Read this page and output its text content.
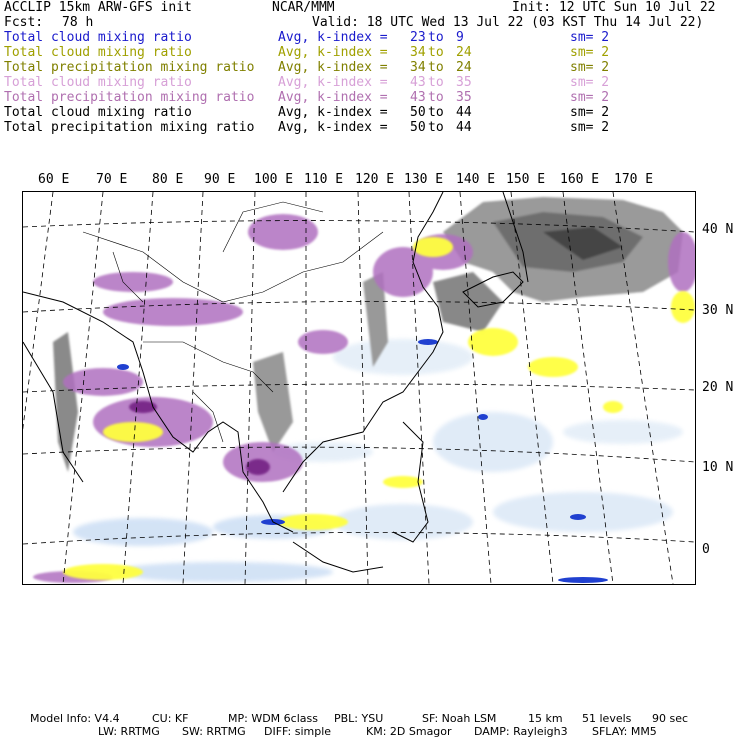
ACCLIP 15km ARW-GFS init	NCAR/MMM	Init: 12 UTC Sun 10 Jul 22
Fcst: 78 h	Valid: 18 UTC Wed 13 Jul 22 (03 KST Thu 14 Jul 22)
Total cloud mixing ratio	Avg, k-index = 23 to 9	sm= 2
Total cloud mixing ratio	Avg, k-index = 34 to 24	sm= 2
Total precipitation mixing ratio Avg, k-index = 34 to 24	sm= 2
Total cloud mixing ratio	Avg, k-index = 43 to 35	sm= 2
Total precipitation mixing ratio Avg, k-index = 43 to 35	sm= 2
Total cloud mixing ratio	Avg, k-index = 50 to 44	sm= 2
Total precipitation mixing ratio Avg, k-index = 50 to 44	sm= 2
60 E 70 E 80 E 90 E 100 E 110 E 120 E 130 E 140 E 150 E 160 E 170 E
40 N
30 N
20 N
10 N
0
Model Info: V4.4	CU: KF	MP: WDM 6class PBL: YSU	SF: Noah LSM	15 km 51 levels 90 sec
LW: RRTMG SW: RRTMG DIFF: simple	KM: 2D Smagor DAMP: Rayleigh3 SFLAY: MM5
